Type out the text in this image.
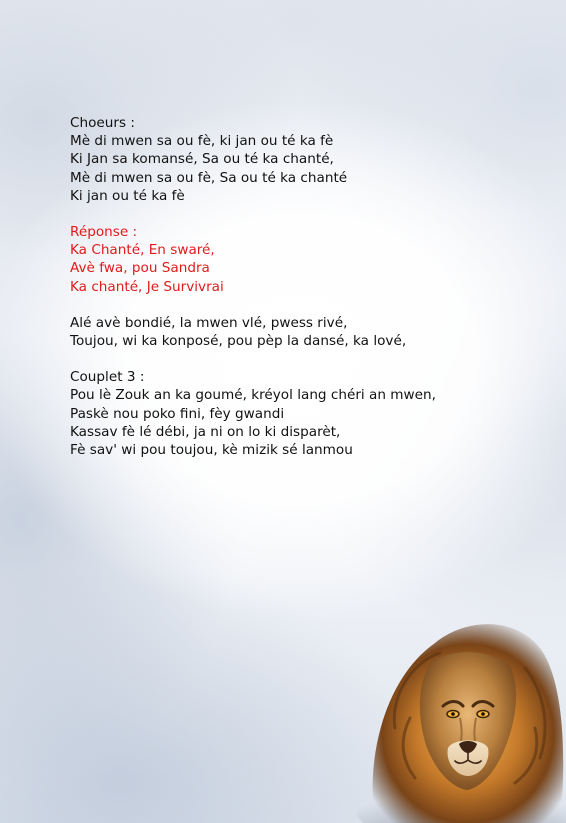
Choeurs :
Mè di mwen sa ou fè, ki jan ou té ka fè
Ki Jan sa komansé, Sa ou té ka chanté,
Mè di mwen sa ou fè, Sa ou té ka chanté
Ki jan ou té ka fè
Réponse :
Ka Chanté, En swaré,
Avè fwa, pou Sandra
Ka chanté, Je Survivrai
Alé avè bondié, la mwen vlé, pwess rivé,
Toujou, wi ka konposé, pou pèp la dansé, ka lové,
Couplet 3 :
Pou lè Zouk an ka goumé, kréyol lang chéri an mwen,
Paskè nou poko fini, fèy gwandi
Kassav fè lé débi, ja ni on lo ki disparèt,
Fè sav' wi pou toujou, kè mizik sé lanmou
